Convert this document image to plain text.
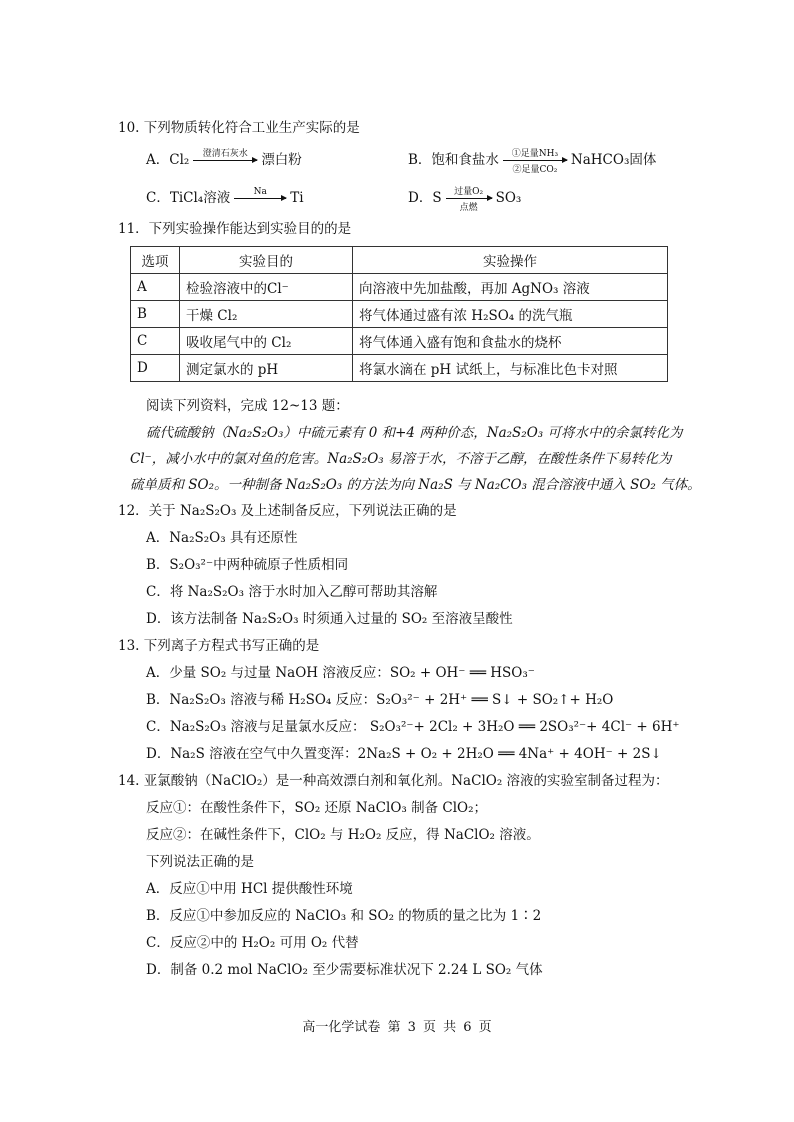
10. 下列物质转化符合工业生产实际的是
A．Cl₂	澄清石灰水	漂白粉	B．饱和食盐水	①足量NH₃
②足量CO₂
NaHCO₃固体
C．TiCl₄溶液	Na	Ti	D．S	过量O₂
点燃
SO₃
11．下列实验操作能达到实验目的的是
选项	实验目的	实验操作
A	检验溶液中的Cl⁻	向溶液中先加盐酸，再加 AgNO₃ 溶液
B	干燥 Cl₂	将气体通过盛有浓 H₂SO₄ 的洗气瓶
C	吸收尾气中的 Cl₂	将气体通入盛有饱和食盐水的烧杯
D	测定氯水的 pH	将氯水滴在 pH 试纸上，与标准比色卡对照
阅读下列资料，完成 12~13 题：
硫代硫酸钠（Na₂S₂O₃）中硫元素有 0 和+4 两种价态，Na₂S₂O₃ 可将水中的余氯转化为
Cl⁻，减小水中的氯对鱼的危害。Na₂S₂O₃ 易溶于水，不溶于乙醇，在酸性条件下易转化为
硫单质和 SO₂。一种制备 Na₂S₂O₃ 的方法为向 Na₂S 与 Na₂CO₃ 混合溶液中通入 SO₂ 气体。
12．关于 Na₂S₂O₃ 及上述制备反应，下列说法正确的是
A．Na₂S₂O₃ 具有还原性
B．S₂O₃²⁻中两种硫原子性质相同
C．将 Na₂S₂O₃ 溶于水时加入乙醇可帮助其溶解
D．该方法制备 Na₂S₂O₃ 时须通入过量的 SO₂ 至溶液呈酸性
13. 下列离子方程式书写正确的是
A．少量 SO₂ 与过量 NaOH 溶液反应：SO₂ + OH⁻ ══ HSO₃⁻
B．Na₂S₂O₃ 溶液与稀 H₂SO₄ 反应：S₂O₃²⁻ + 2H⁺ ══ S↓ + SO₂↑+ H₂O
C．Na₂S₂O₃ 溶液与足量氯水反应： S₂O₃²⁻+ 2Cl₂ + 3H₂O ══ 2SO₃²⁻+ 4Cl⁻ + 6H⁺
D．Na₂S 溶液在空气中久置变浑：2Na₂S + O₂ + 2H₂O ══ 4Na⁺ + 4OH⁻ + 2S↓
14. 亚氯酸钠（NaClO₂）是一种高效漂白剂和氧化剂。NaClO₂ 溶液的实验室制备过程为：
反应①：在酸性条件下，SO₂ 还原 NaClO₃ 制备 ClO₂；
反应②：在碱性条件下，ClO₂ 与 H₂O₂ 反应，得 NaClO₂ 溶液。
下列说法正确的是
A．反应①中用 HCl 提供酸性环境
B．反应①中参加反应的 NaClO₃ 和 SO₂ 的物质的量之比为 1∶2
C．反应②中的 H₂O₂ 可用 O₂ 代替
D．制备 0.2 mol NaClO₂ 至少需要标准状况下 2.24 L SO₂ 气体
高一化学试卷 第 3 页 共 6 页
